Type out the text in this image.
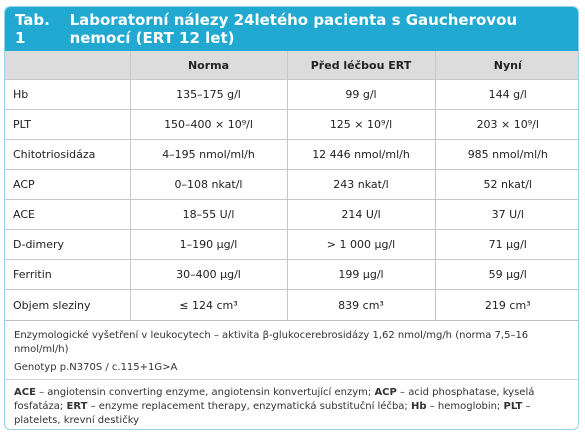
Tab. 1
Laboratorní nálezy 24letého pacienta s Gaucherovou nemocí (ERT 12 let)
	Norma	Před léčbou ERT	Nyní
Hb	135–175 g/l	99 g/l	144 g/l
PLT	150–400 × 10⁹/l	125 × 10⁹/l	203 × 10⁹/l
Chitotriosidáza	4–195 nmol/ml/h	12 446 nmol/ml/h	985 nmol/ml/h
ACP	0–108 nkat/l	243 nkat/l	52 nkat/l
ACE	18–55 U/l	214 U/l	37 U/l
D-dimery	1–190 µg/l	> 1 000 µg/l	71 µg/l
Ferritin	30–400 µg/l	199 µg/l	59 µg/l
Objem sleziny	≤ 124 cm³	839 cm³	219 cm³

Enzymologické vyšetření v leukocytech – aktivita β-glukocerebrosidázy 1,62 nmol/mg/h (norma 7,5–16 nmol/ml/h)

Genotyp p.N370S / c.115+1G>A

ACE – angiotensin converting enzyme, angiotensin konvertující enzym; ACP – acid phosphatase, kyselá fosfatáza; ERT – enzyme replacement therapy, enzymatická substituční léčba; Hb – hemoglobin; PLT – platelets, krevní destičky
